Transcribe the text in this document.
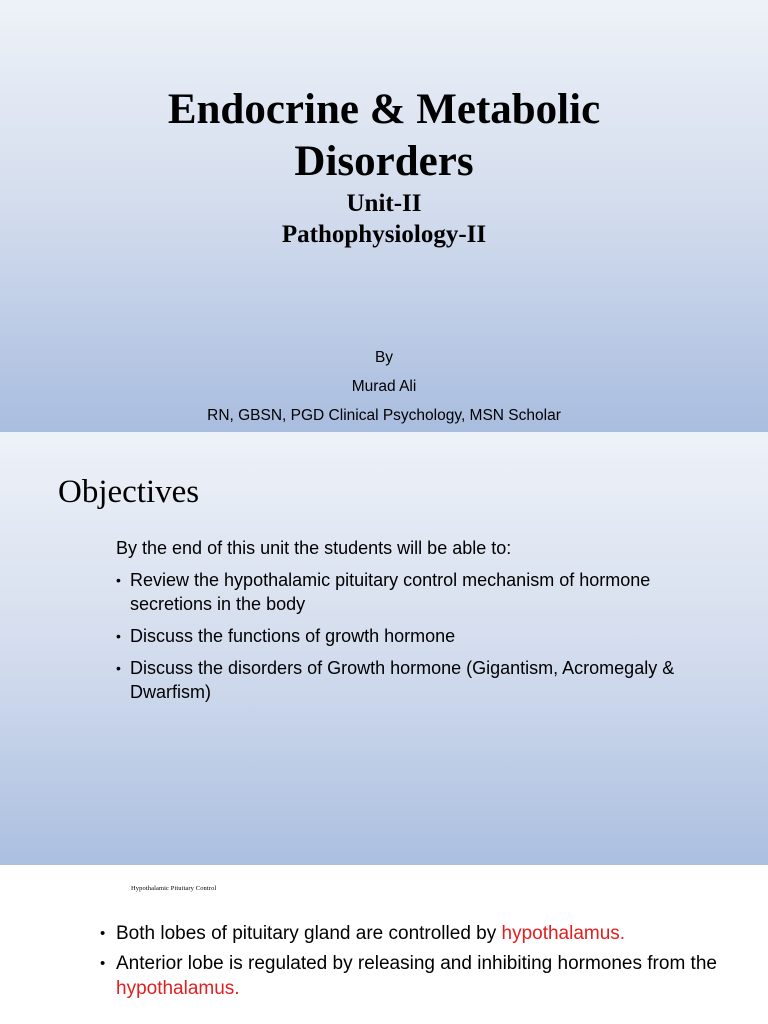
Endocrine & Metabolic
Disorders
Unit-II
Pathophysiology-II
By
Murad Ali
RN, GBSN, PGD Clinical Psychology, MSN Scholar
Objectives

By the end of this unit the students will be able to:

• Review the hypothalamic pituitary control mechanism of hormone secretions in the body
• Discuss the functions of growth hormone
• Discuss the disorders of Growth hormone (Gigantism, Acromegaly & Dwarfism)
Hypothalamic Pituitary Control
• Both lobes of pituitary gland are controlled by hypothalamus.
• Anterior lobe is regulated by releasing and inhibiting hormones from the hypothalamus.
